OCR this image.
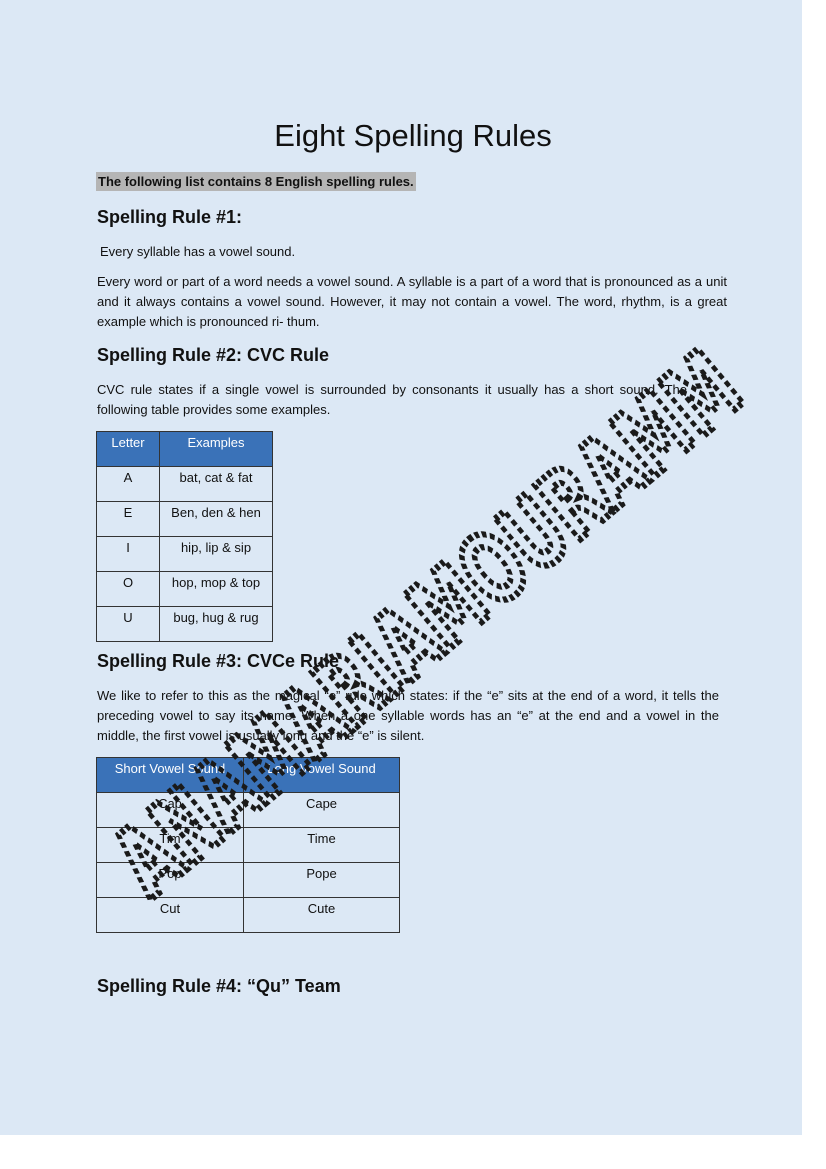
Eight Spelling Rules
The following list contains 8 English spelling rules.
Spelling Rule #1:
Every syllable has a vowel sound.
Every word or part of a word needs a vowel sound. A syllable is a part of a word that is pronounced as a unit and it always contains a vowel sound. However, it may not contain a vowel. The word, rhythm, is a great example which is pronounced ri- thum.
Spelling Rule #2: CVC Rule
CVC rule states if a single vowel is surrounded by consonants it usually has a short sound. The following table provides some examples.
Letter	Examples
A	bat, cat & fat
E	Ben, den & hen
I	hip, lip & sip
O	hop, mop & top
U	bug, hug & rug
Spelling Rule #3: CVCe Rule
We like to refer to this as the magical “e” rule which states: if the “e” sits at the end of a word, it tells the preceding vowel to say its name. When a one syllable words has an “e” at the end and a vowel in the middle, the first vowel is usually long and the “e” is silent.
Short Vowel Sound	Long Vowel Sound
Cap	Cape
Tim	Time
Pop	Pope
Cut	Cute
Spelling Rule #4: “Qu” Team
